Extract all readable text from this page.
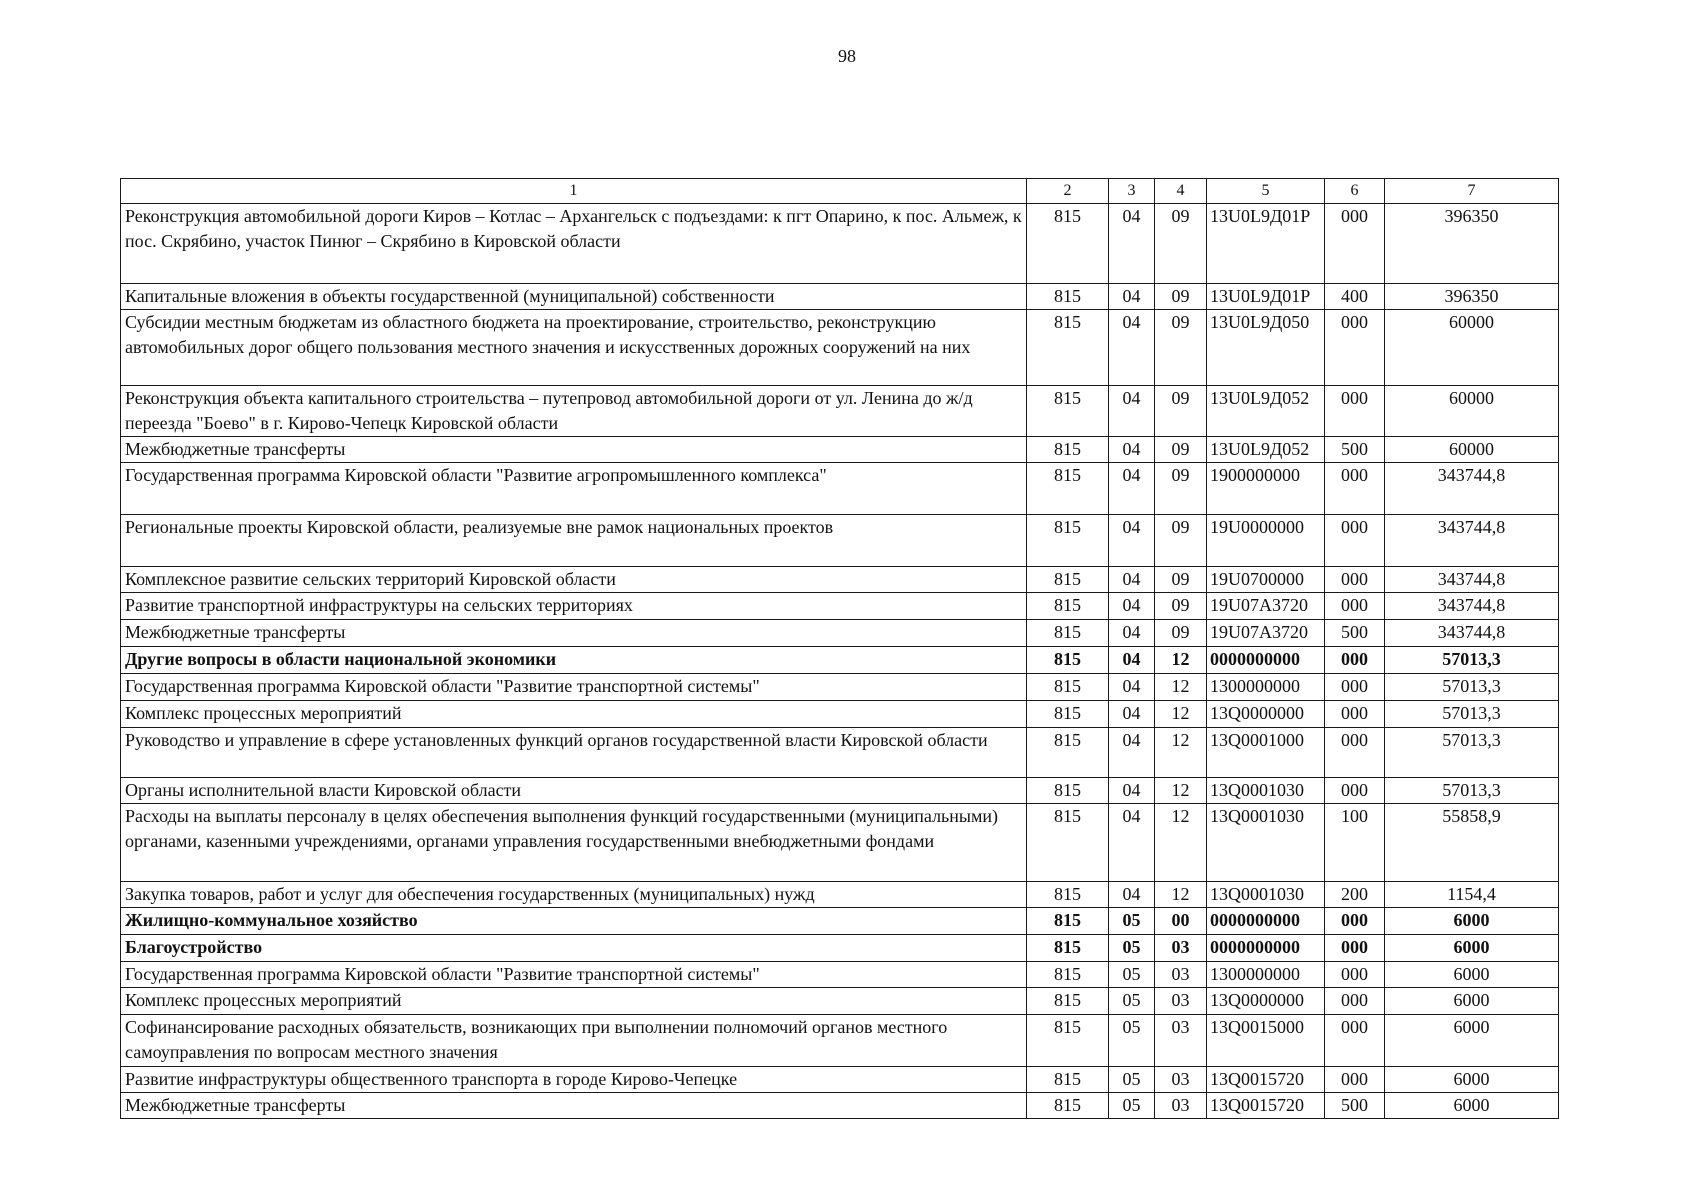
98
1	2	3	4	5	6	7
Реконструкция автомобильной дороги Киров – Котлас – Архангельск с подъездами: к пгт Опарино, к пос. Альмеж, к пос. Скрябино, участок Пинюг – Скрябино в Кировской области	815	04	09	13U0L9Д01Р	000	396350
Капитальные вложения в объекты государственной (муниципальной) собственности	815	04	09	13U0L9Д01Р	400	396350
Субсидии местным бюджетам из областного бюджета на проектирование, строительство, реконструкцию автомобильных дорог общего пользования местного значения и искусственных дорожных сооружений на них	815	04	09	13U0L9Д050	000	60000
Реконструкция объекта капитального строительства – путепровод автомобильной дороги от ул. Ленина до ж/д переезда "Боево" в г. Кирово-Чепецк Кировской области	815	04	09	13U0L9Д052	000	60000
Межбюджетные трансферты	815	04	09	13U0L9Д052	500	60000
Государственная программа Кировской области "Развитие агропромышленного комплекса"	815	04	09	1900000000	000	343744,8
Региональные проекты Кировской области, реализуемые вне рамок национальных проектов	815	04	09	19U0000000	000	343744,8
Комплексное развитие сельских территорий Кировской области	815	04	09	19U0700000	000	343744,8
Развитие транспортной инфраструктуры на сельских территориях	815	04	09	19U07A3720	000	343744,8
Межбюджетные трансферты	815	04	09	19U07A3720	500	343744,8
Другие вопросы в области национальной экономики	815	04	12	0000000000	000	57013,3
Государственная программа Кировской области "Развитие транспортной системы"	815	04	12	1300000000	000	57013,3
Комплекс процессных мероприятий	815	04	12	13Q0000000	000	57013,3
Руководство и управление в сфере установленных функций органов государственной власти Кировской области	815	04	12	13Q0001000	000	57013,3
Органы исполнительной власти Кировской области	815	04	12	13Q0001030	000	57013,3
Расходы на выплаты персоналу в целях обеспечения выполнения функций государственными (муниципальными) органами, казенными учреждениями, органами управления государственными внебюджетными фондами	815	04	12	13Q0001030	100	55858,9
Закупка товаров, работ и услуг для обеспечения государственных (муниципальных) нужд	815	04	12	13Q0001030	200	1154,4
Жилищно-коммунальное хозяйство	815	05	00	0000000000	000	6000
Благоустройство	815	05	03	0000000000	000	6000
Государственная программа Кировской области "Развитие транспортной системы"	815	05	03	1300000000	000	6000
Комплекс процессных мероприятий	815	05	03	13Q0000000	000	6000
Софинансирование расходных обязательств, возникающих при выполнении полномочий органов местного самоуправления по вопросам местного значения	815	05	03	13Q0015000	000	6000
Развитие инфраструктуры общественного транспорта в городе Кирово-Чепецке	815	05	03	13Q0015720	000	6000
Межбюджетные трансферты	815	05	03	13Q0015720	500	6000
